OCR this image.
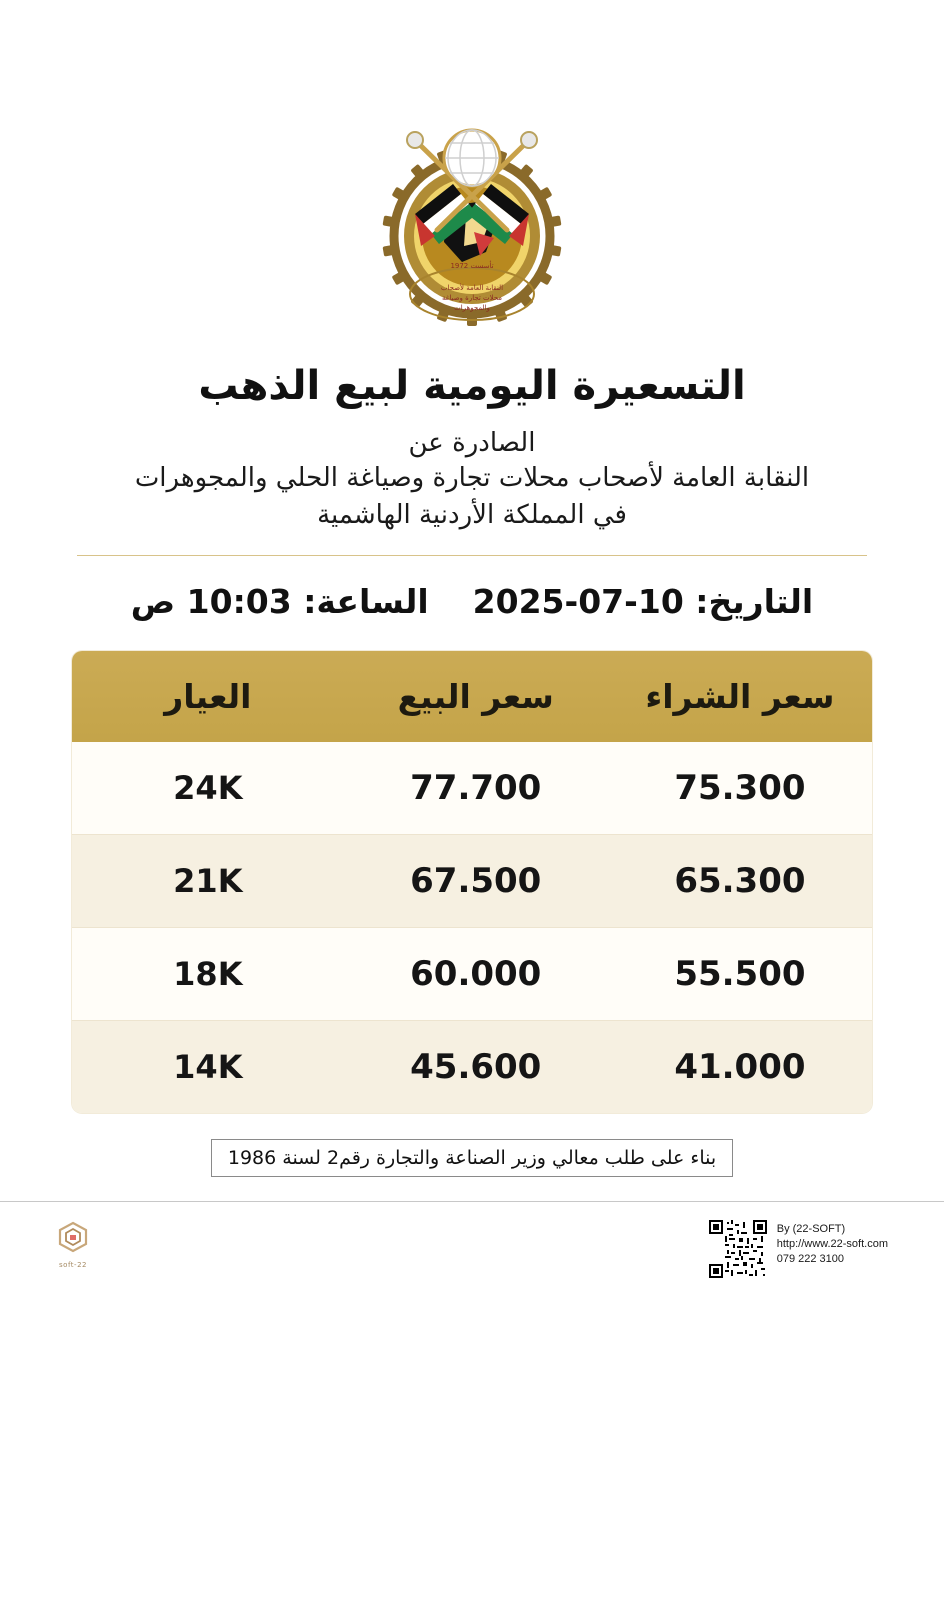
النقابة العامة لأصحاب
محلات تجارة وصياغة
والمجوهرات
تأسست 1972
التسعيرة اليومية لبيع الذهب
الصادرة عن
النقابة العامة لأصحاب محلات تجارة وصياغة الحلي والمجوهرات
في المملكة الأردنية الهاشمية
التاريخ: 10-07-2025
الساعة: 10:03 ص
سعر الشراء	سعر البيع	العيار
75.300	77.700	24K
65.300	67.500	21K
55.500	60.000	18K
41.000	45.600	14K
بناء على طلب معالي وزير الصناعة والتجارة رقم2 لسنة 1986
By (22-SOFT)
http://www.22-soft.com
079 222 3100
22-soft
